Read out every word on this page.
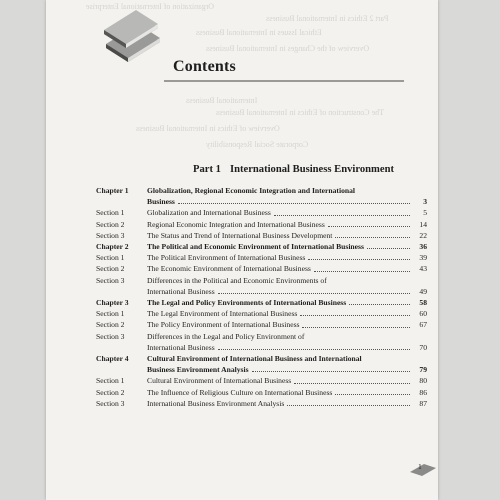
Organization of International Enterprise
Part 2 Ethics in International Business
Ethical Issues in International Business
Overview of the Changes in International Business
International Business
The Construction of Ethics in International Business
Overview of Ethics in International Business
Corporate Social Responsibility
Contents
Part 1 International Business Environment
Chapter 1	Globalization, Regional Economic Integration and International
Business	3
Section 1	Globalization and International Business	5
Section 2	Regional Economic Integration and International Business	14
Section 3	The Status and Trend of International Business Development	22
Chapter 2	The Political and Economic Environment of International Business	36
Section 1	The Political Environment of International Business	39
Section 2	The Economic Environment of International Business	43
Section 3	Differences in the Political and Economic Environments of
International Business	49
Chapter 3	The Legal and Policy Environments of International Business	58
Section 1	The Legal Environment of International Business	60
Section 2	The Policy Environment of International Business	67
Section 3	Differences in the Legal and Policy Environment of
International Business	70
Chapter 4	Cultural Environment of International Business and International
Business Environment Analysis	79
Section 1	Cultural Environment of International Business	80
Section 2	The Influence of Religious Culture on International Business	86
Section 3	International Business Environment Analysis	87
1
